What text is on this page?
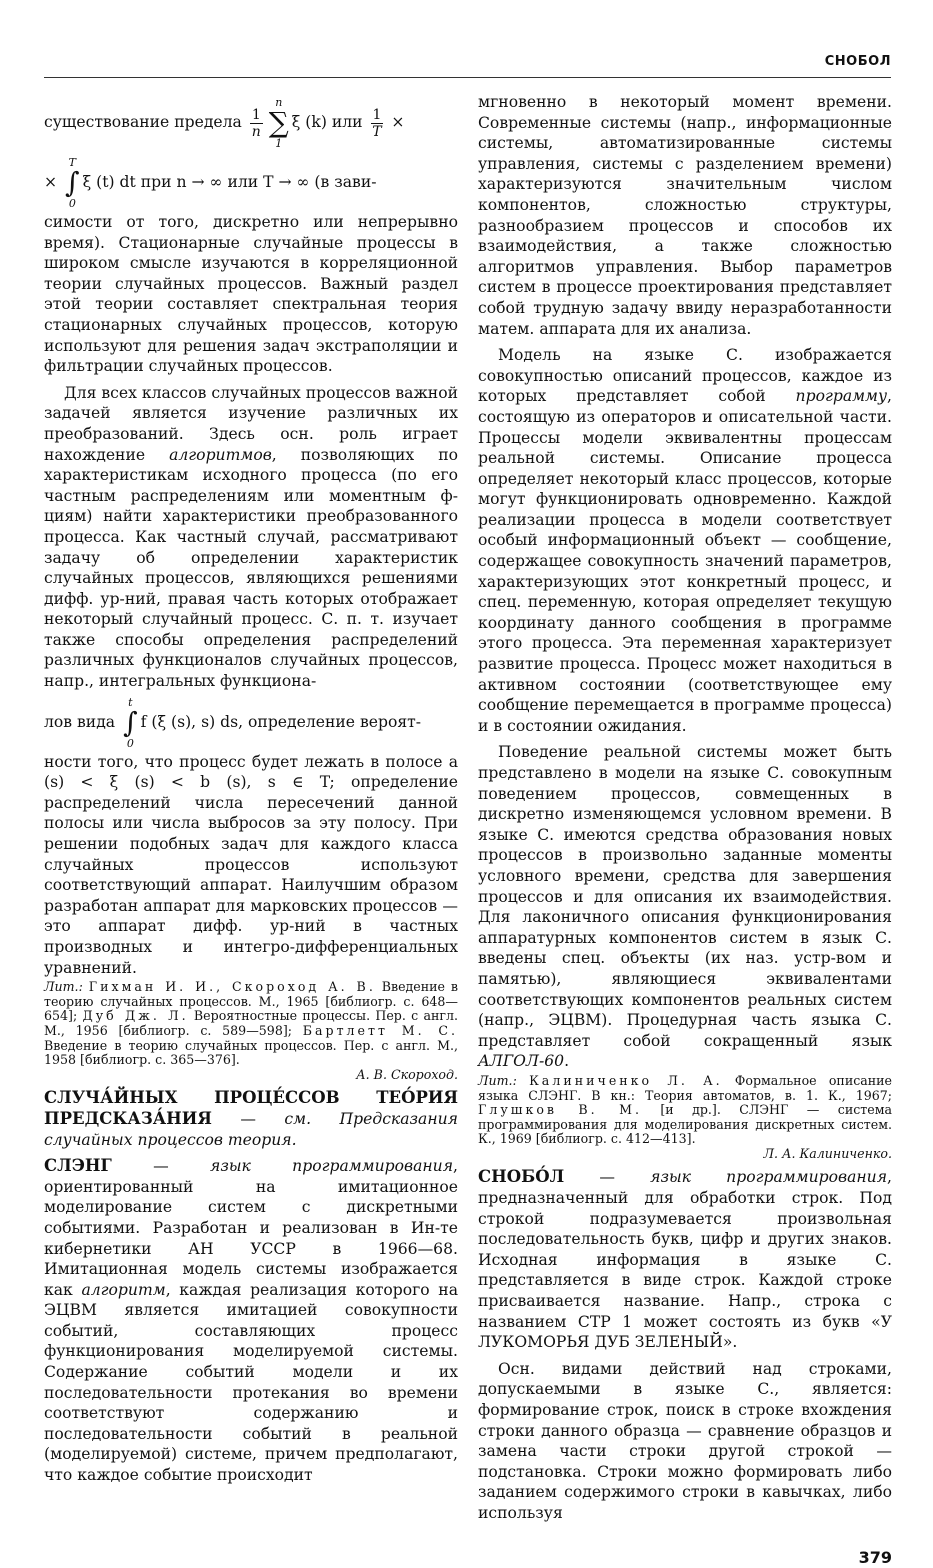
СНОБОЛ

существование предела $\frac{1}{n}$
n
∑
1
ξ (k) или $\frac{1}{T}$ ×

×
T
∫
0
ξ (t) dt при n → ∞ или T → ∞ (в зави-

симости от того, дискретно или непрерывно время). Стационарные случайные процессы в широком смысле изучаются в корреляционной теории случайных процессов. Важный раздел этой теории составляет спектральная теория стационарных случайных процессов, которую используют для решения задач экстраполяции и фильтрации случайных процессов.

Для всех классов случайных процессов важной задачей является изучение различных их преобразований. Здесь осн. роль играет нахождение алгоритмов, позволяющих по характеристикам исходного процесса (по его частным распределениям или моментным ф-циям) найти характеристики преобразованного процесса. Как частный случай, рассматривают задачу об определении характеристик случайных процессов, являющихся решениями дифф. ур-ний, правая часть которых отображает некоторый случайный процесс. С. п. т. изучает также способы определения распределений различных функционалов случайных процессов, напр., интегральных функциона-

лов вида
t
∫
0
f (ξ (s), s) ds, определение вероят-

ности того, что процесс будет лежать в полосе a (s) < ξ (s) < b (s), s ∈ T; определение распределений числа пересечений данной полосы или числа выбросов за эту полосу. При решении подобных задач для каждого класса случайных процессов используют соответствующий аппарат. Наилучшим образом разработан аппарат для марковских процессов — это аппарат дифф. ур-ний в частных производных и интегро-дифференциальных уравнений.

Лит.: Гихман И. И., Скороход А. В. Введение в теорию случайных процессов. М., 1965 [библиогр. с. 648—654]; Дуб Дж. Л. Вероятностные процессы. Пер. с англ. М., 1956 [библиогр. с. 589—598]; Бартлетт М. С. Введение в теорию случайных процессов. Пер. с англ. М., 1958 [библиогр. с. 365—376].

А. В. Скороход.

СЛУЧА́ЙНЫХ ПРОЦЕ́ССОВ ТЕО́РИЯ ПРЕДСКАЗА́НИЯ — см. Предсказания случайных процессов теория.

СЛЭНГ — язык программирования, ориентированный на имитационное моделирование систем с дискретными событиями. Разработан и реализован в Ин-те кибернетики АН УССР в 1966—68. Имитационная модель системы изображается как алгоритм, каждая реализация которого на ЭЦВМ является имитацией совокупности событий, составляющих процесс функционирования моделируемой системы. Содержание событий модели и их последовательности протекания во времени соответствуют содержанию и последовательности событий в реальной (моделируемой) системе, причем предполагают, что каждое событие происходит

мгновенно в некоторый момент времени. Современные системы (напр., информационные системы, автоматизированные системы управления, системы с разделением времени) характеризуются значительным числом компонентов, сложностью структуры, разнообразием процессов и способов их взаимодействия, а также сложностью алгоритмов управления. Выбор параметров систем в процессе проектирования представляет собой трудную задачу ввиду неразработанности матем. аппарата для их анализа.

Модель на языке С. изображается совокупностью описаний процессов, каждое из которых представляет собой программу, состоящую из операторов и описательной части. Процессы модели эквивалентны процессам реальной системы. Описание процесса определяет некоторый класс процессов, которые могут функционировать одновременно. Каждой реализации процесса в модели соответствует особый информационный объект — сообщение, содержащее совокупность значений параметров, характеризующих этот конкретный процесс, и спец. переменную, которая определяет текущую координату данного сообщения в программе этого процесса. Эта переменная характеризует развитие процесса. Процесс может находиться в активном состоянии (соответствующее ему сообщение перемещается в программе процесса) и в состоянии ожидания.

Поведение реальной системы может быть представлено в модели на языке С. совокупным поведением процессов, совмещенных в дискретно изменяющемся условном времени. В языке С. имеются средства образования новых процессов в произвольно заданные моменты условного времени, средства для завершения процессов и для описания их взаимодействия. Для лаконичного описания функционирования аппаратурных компонентов систем в язык С. введены спец. объекты (их наз. устр-вом и памятью), являющиеся эквивалентами соответствующих компонентов реальных систем (напр., ЭЦВМ). Процедурная часть языка С. представляет собой сокращенный язык АЛГОЛ-60.

Лит.: Калиниченко Л. А. Формальное описание языка СЛЭНГ. В кн.: Теория автоматов, в. 1. К., 1967; Глушков В. М. [и др.]. СЛЭНГ — система программирования для моделирования дискретных систем. К., 1969 [библиогр. с. 412—413].

Л. А. Калиниченко.

СНОБО́Л — язык программирования, предназначенный для обработки строк. Под строкой подразумевается произвольная последовательность букв, цифр и других знаков. Исходная информация в языке С. представляется в виде строк. Каждой строке присваивается название. Напр., строка с названием СТР 1 может состоять из букв «У ЛУКОМОРЬЯ ДУБ ЗЕЛЕНЫЙ».

Осн. видами действий над строками, допускаемыми в языке С., является: формирование строк, поиск в строке вхождения строки данного образца — сравнение образцов и замена части строки другой строкой — подстановка. Строки можно формировать либо заданием содержимого строки в кавычках, либо используя

379
